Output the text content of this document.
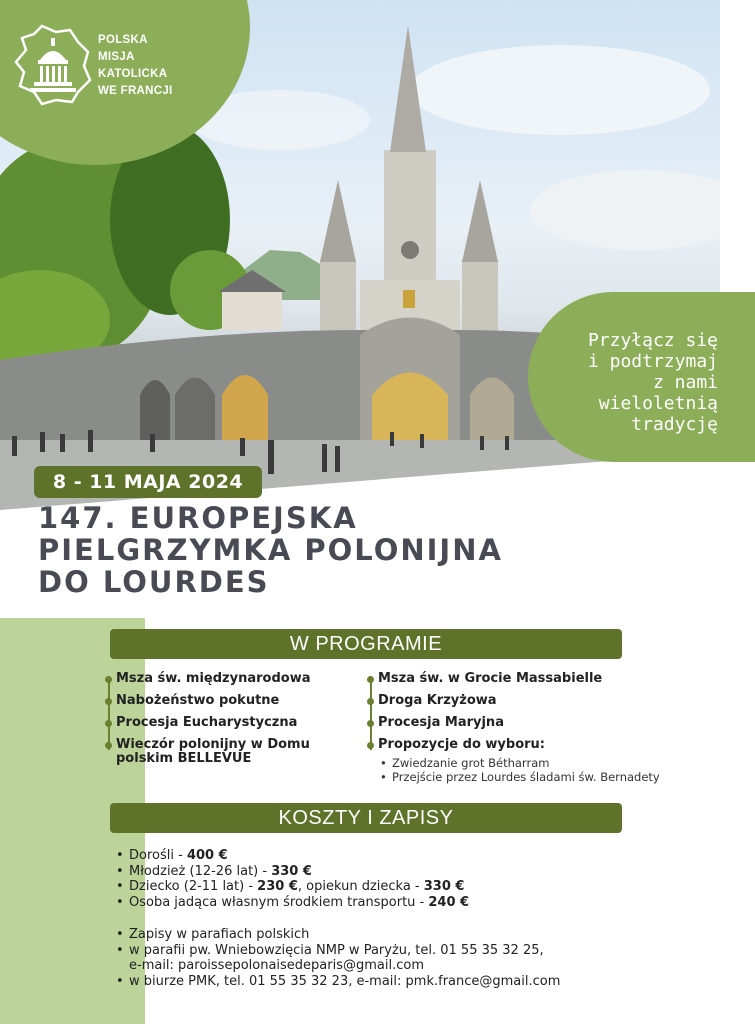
POLSKA
MISJA
KATOLICKA
WE FRANCJI
Przyłącz się
i podtrzymaj
z nami
wieloletnią
tradycję
8 - 11 MAJA 2024
147. EUROPEJSKA
PIELGRZYMKA POLONIJNA
DO LOURDES
W PROGRAMIE
Msza św. międzynarodowa
Nabożeństwo pokutne
Procesja Eucharystyczna
Wieczór polonijny w Domu polskim BELLEVUE
Msza św. w Grocie Massabielle
Droga Krzyżowa
Procesja Maryjna
Propozycje do wyboru:
• Zwiedzanie grot Bétharram
• Przejście przez Lourdes śladami św. Bernadety
KOSZTY I ZAPISY
• Dorośli - 400 €
• Młodzież (12-26 lat) - 330 €
• Dziecko (2-11 lat) - 230 €, opiekun dziecka - 330 €
• Osoba jadąca własnym środkiem transportu - 240 €
• Zapisy w parafiach polskich
• w parafii pw. Wniebowzięcia NMP w Paryżu, tel. 01 55 35 32 25,
e-mail: paroissepolonaisedeparis@gmail.com
• w biurze PMK, tel. 01 55 35 32 23, e-mail: pmk.france@gmail.com
